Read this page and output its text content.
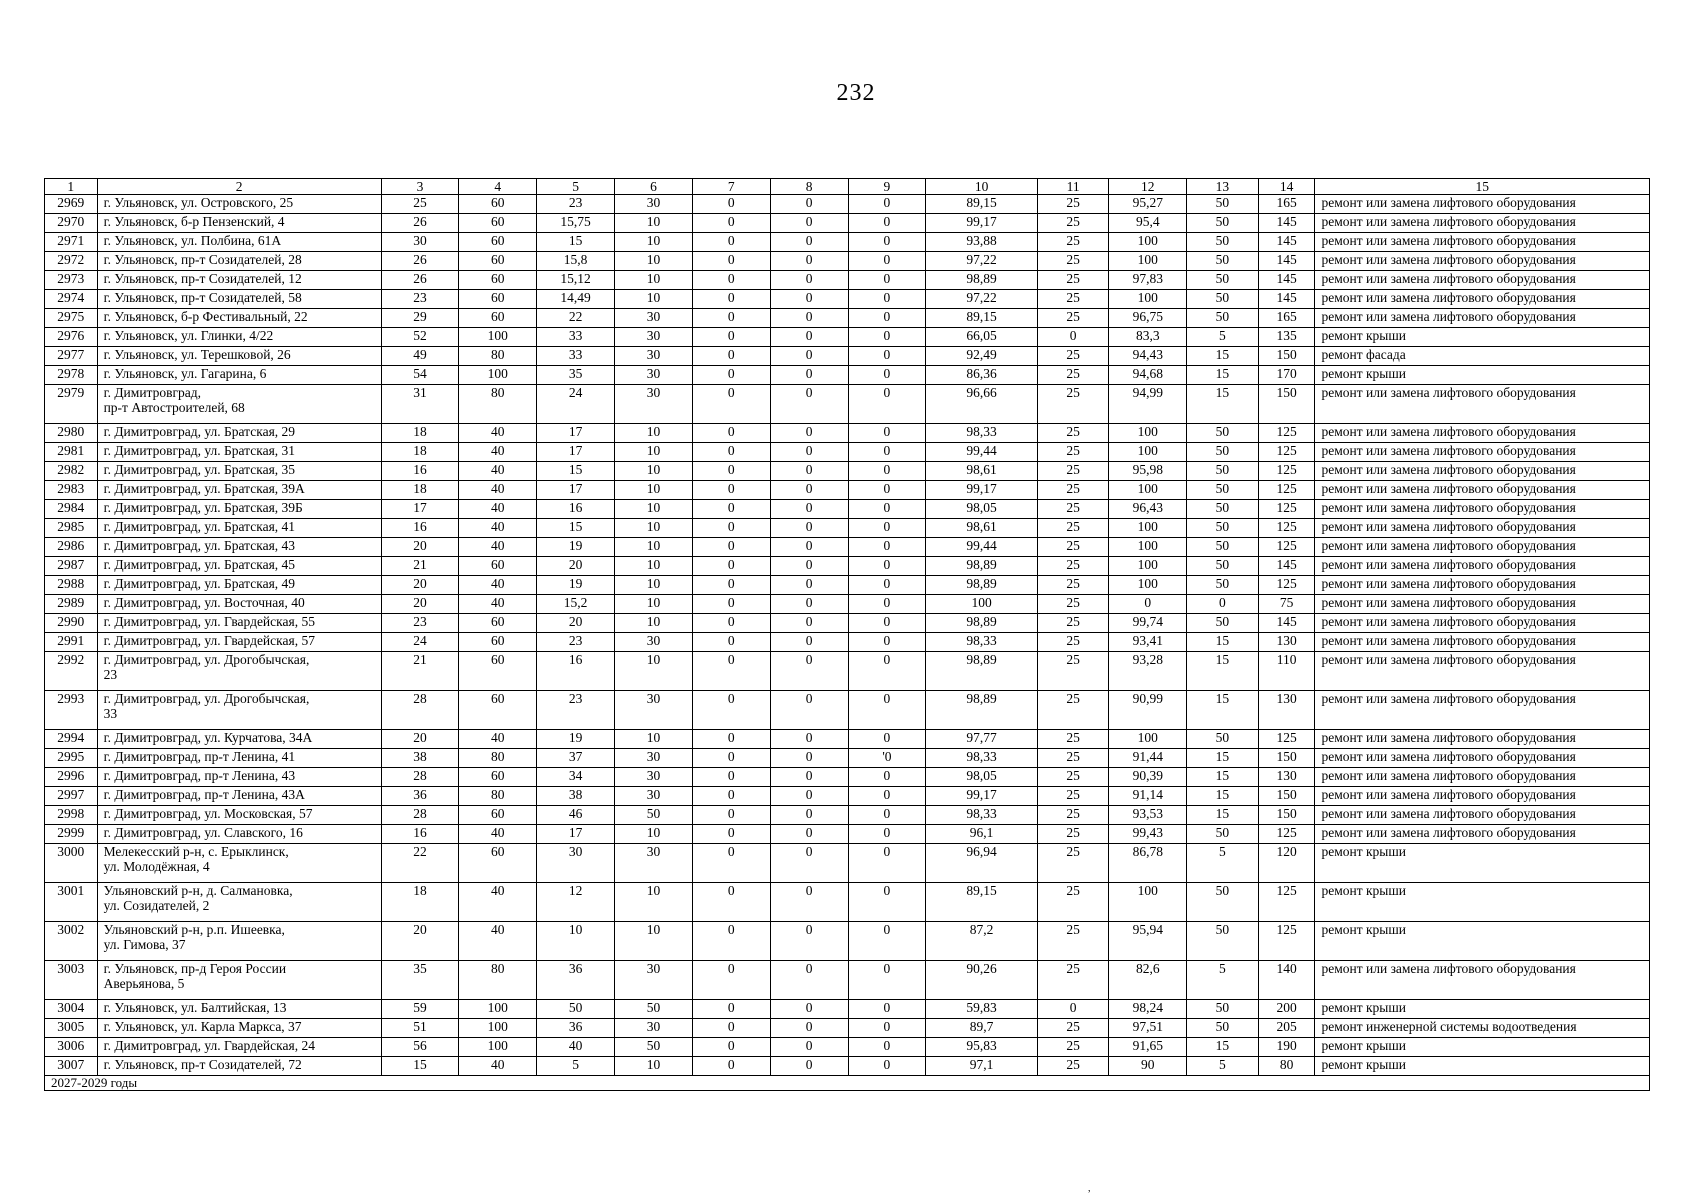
232
1	2	3	4	5	6	7	8	9	10	11	12	13	14	15
2969	г. Ульяновск, ул. Островского, 25	25	60	23	30	0	0	0	89,15	25	95,27	50	165	ремонт или замена лифтового оборудования
2970	г. Ульяновск, б-р Пензенский, 4	26	60	15,75	10	0	0	0	99,17	25	95,4	50	145	ремонт или замена лифтового оборудования
2971	г. Ульяновск, ул. Полбина, 61А	30	60	15	10	0	0	0	93,88	25	100	50	145	ремонт или замена лифтового оборудования
2972	г. Ульяновск, пр-т Созидателей, 28	26	60	15,8	10	0	0	0	97,22	25	100	50	145	ремонт или замена лифтового оборудования
2973	г. Ульяновск, пр-т Созидателей, 12	26	60	15,12	10	0	0	0	98,89	25	97,83	50	145	ремонт или замена лифтового оборудования
2974	г. Ульяновск, пр-т Созидателей, 58	23	60	14,49	10	0	0	0	97,22	25	100	50	145	ремонт или замена лифтового оборудования
2975	г. Ульяновск, б-р Фестивальный, 22	29	60	22	30	0	0	0	89,15	25	96,75	50	165	ремонт или замена лифтового оборудования
2976	г. Ульяновск, ул. Глинки, 4/22	52	100	33	30	0	0	0	66,05	0	83,3	5	135	ремонт крыши
2977	г. Ульяновск, ул. Терешковой, 26	49	80	33	30	0	0	0	92,49	25	94,43	15	150	ремонт фасада
2978	г. Ульяновск, ул. Гагарина, 6	54	100	35	30	0	0	0	86,36	25	94,68	15	170	ремонт крыши
2979	г. Димитровград,
пр-т Автостроителей, 68	31	80	24	30	0	0	0	96,66	25	94,99	15	150	ремонт или замена лифтового оборудования
2980	г. Димитровград, ул. Братская, 29	18	40	17	10	0	0	0	98,33	25	100	50	125	ремонт или замена лифтового оборудования
2981	г. Димитровград, ул. Братская, 31	18	40	17	10	0	0	0	99,44	25	100	50	125	ремонт или замена лифтового оборудования
2982	г. Димитровград, ул. Братская, 35	16	40	15	10	0	0	0	98,61	25	95,98	50	125	ремонт или замена лифтового оборудования
2983	г. Димитровград, ул. Братская, 39А	18	40	17	10	0	0	0	99,17	25	100	50	125	ремонт или замена лифтового оборудования
2984	г. Димитровград, ул. Братская, 39Б	17	40	16	10	0	0	0	98,05	25	96,43	50	125	ремонт или замена лифтового оборудования
2985	г. Димитровград, ул. Братская, 41	16	40	15	10	0	0	0	98,61	25	100	50	125	ремонт или замена лифтового оборудования
2986	г. Димитровград, ул. Братская, 43	20	40	19	10	0	0	0	99,44	25	100	50	125	ремонт или замена лифтового оборудования
2987	г. Димитровград, ул. Братская, 45	21	60	20	10	0	0	0	98,89	25	100	50	145	ремонт или замена лифтового оборудования
2988	г. Димитровград, ул. Братская, 49	20	40	19	10	0	0	0	98,89	25	100	50	125	ремонт или замена лифтового оборудования
2989	г. Димитровград, ул. Восточная, 40	20	40	15,2	10	0	0	0	100	25	0	0	75	ремонт или замена лифтового оборудования
2990	г. Димитровград, ул. Гвардейская, 55	23	60	20	10	0	0	0	98,89	25	99,74	50	145	ремонт или замена лифтового оборудования
2991	г. Димитровград, ул. Гвардейская, 57	24	60	23	30	0	0	0	98,33	25	93,41	15	130	ремонт или замена лифтового оборудования
2992	г. Димитровград, ул. Дрогобычская,
23	21	60	16	10	0	0	0	98,89	25	93,28	15	110	ремонт или замена лифтового оборудования
2993	г. Димитровград, ул. Дрогобычская,
33	28	60	23	30	0	0	0	98,89	25	90,99	15	130	ремонт или замена лифтового оборудования
2994	г. Димитровград, ул. Курчатова, 34А	20	40	19	10	0	0	0	97,77	25	100	50	125	ремонт или замена лифтового оборудования
2995	г. Димитровград, пр-т Ленина, 41	38	80	37	30	0	0	'0	98,33	25	91,44	15	150	ремонт или замена лифтового оборудования
2996	г. Димитровград, пр-т Ленина, 43	28	60	34	30	0	0	0	98,05	25	90,39	15	130	ремонт или замена лифтового оборудования
2997	г. Димитровград, пр-т Ленина, 43А	36	80	38	30	0	0	0	99,17	25	91,14	15	150	ремонт или замена лифтового оборудования
2998	г. Димитровград, ул. Московская, 57	28	60	46	50	0	0	0	98,33	25	93,53	15	150	ремонт или замена лифтового оборудования
2999	г. Димитровград, ул. Славского, 16	16	40	17	10	0	0	0	96,1	25	99,43	50	125	ремонт или замена лифтового оборудования
3000	Мелекесский р-н, с. Ерыклинск,
ул. Молодёжная, 4	22	60	30	30	0	0	0	96,94	25	86,78	5	120	ремонт крыши
3001	Ульяновский р-н, д. Салмановка,
ул. Созидателей, 2	18	40	12	10	0	0	0	89,15	25	100	50	125	ремонт крыши
3002	Ульяновский р-н, р.п. Ишеевка,
ул. Гимова, 37	20	40	10	10	0	0	0	87,2	25	95,94	50	125	ремонт крыши
3003	г. Ульяновск, пр-д Героя России
Аверьянова, 5	35	80	36	30	0	0	0	90,26	25	82,6	5	140	ремонт или замена лифтового оборудования
3004	г. Ульяновск, ул. Балтийская, 13	59	100	50	50	0	0	0	59,83	0	98,24	50	200	ремонт крыши
3005	г. Ульяновск, ул. Карла Маркса, 37	51	100	36	30	0	0	0	89,7	25	97,51	50	205	ремонт инженерной системы водоотведения
3006	г. Димитровград, ул. Гвардейская, 24	56	100	40	50	0	0	0	95,83	25	91,65	15	190	ремонт крыши
3007	г. Ульяновск, пр-т Созидателей, 72	15	40	5	10	0	0	0	97,1	25	90	5	80	ремонт крыши
2027-2029 годы														
,
